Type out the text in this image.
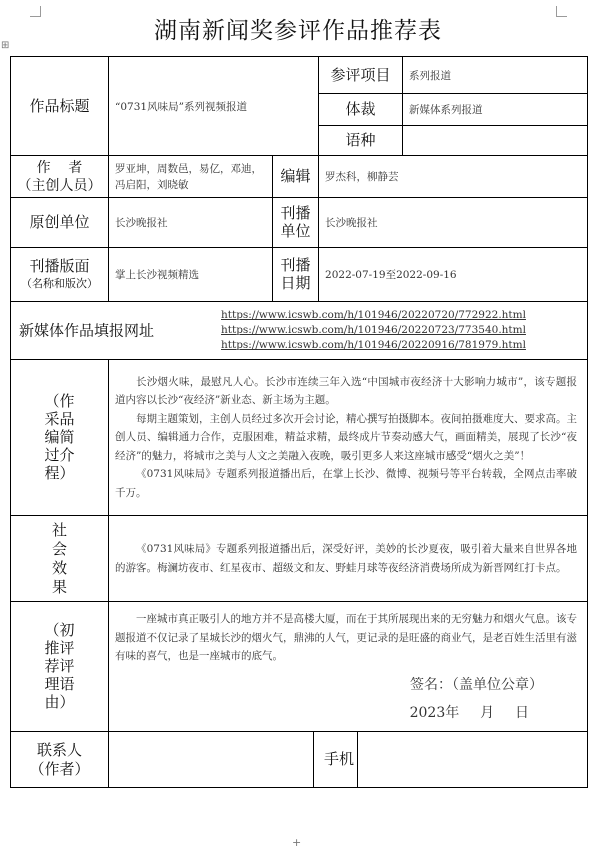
湖南新闻奖参评作品推荐表
⊞
作品标题	“0731风味局”系列视频报道			参评项目		系列报道
				体裁		新媒体系列报道
				语种		

作    者
（主创人员）	罗亚坤，周数邑，易亿，邓迪，冯启阳，刘晓敏	编辑		罗杰科，柳静芸		
原创单位	长沙晚报社	刊播单位		长沙晚报社		

刊播版面
（名称和版次）	掌上长沙视频精选	刊播日期		2022-07-19至2022-09-16		

新媒体作品填报网址
https://www.icswb.com/h/101946/20220720/772922.html
https://www.icswb.com/h/101946/20220723/773540.html
https://www.icswb.com/h/101946/20220916/781979.html						

（作采品编简过介程）	长沙烟火味，最慰凡人心。长沙市连续三年入选“中国城市夜经济十大影响力城市”，该专题报道内容以长沙“夜经济”新业态、新主场为主题。

每期主题策划，主创人员经过多次开会讨论，精心撰写拍摄脚本。夜间拍摄难度大、要求高。主创人员、编辑通力合作，克服困难，精益求精，最终成片节奏动感大气，画面精美，展现了长沙“夜经济”的魅力，将城市之美与人文之美融入夜晚，吸引更多人来这座城市感受“烟火之美”！

《0731风味局》专题系列报道播出后，在掌上长沙、微博、视频号等平台转载，全网点击率破千万。					

社会效果	《0731风味局》专题系列报道播出后，深受好评，美妙的长沙夏夜，吸引着大量来自世界各地的游客。梅澜坊夜市、红星夜市、超级文和友、野蛙月球等夜经济消费场所成为新晋网红打卡点。					

（初推评荐评理语由）	一座城市真正吸引人的地方并不是高楼大厦，而在于其所展现出来的无穷魅力和烟火气息。该专题报道不仅记录了星城长沙的烟火气，鼎沸的人气，更记录的是旺盛的商业气，是老百姓生活里有滋有味的喜气，也是一座城市的底气。

签名：（盖单位公章）
2023年  月  日					

联系人
（作者）			手机			
+
